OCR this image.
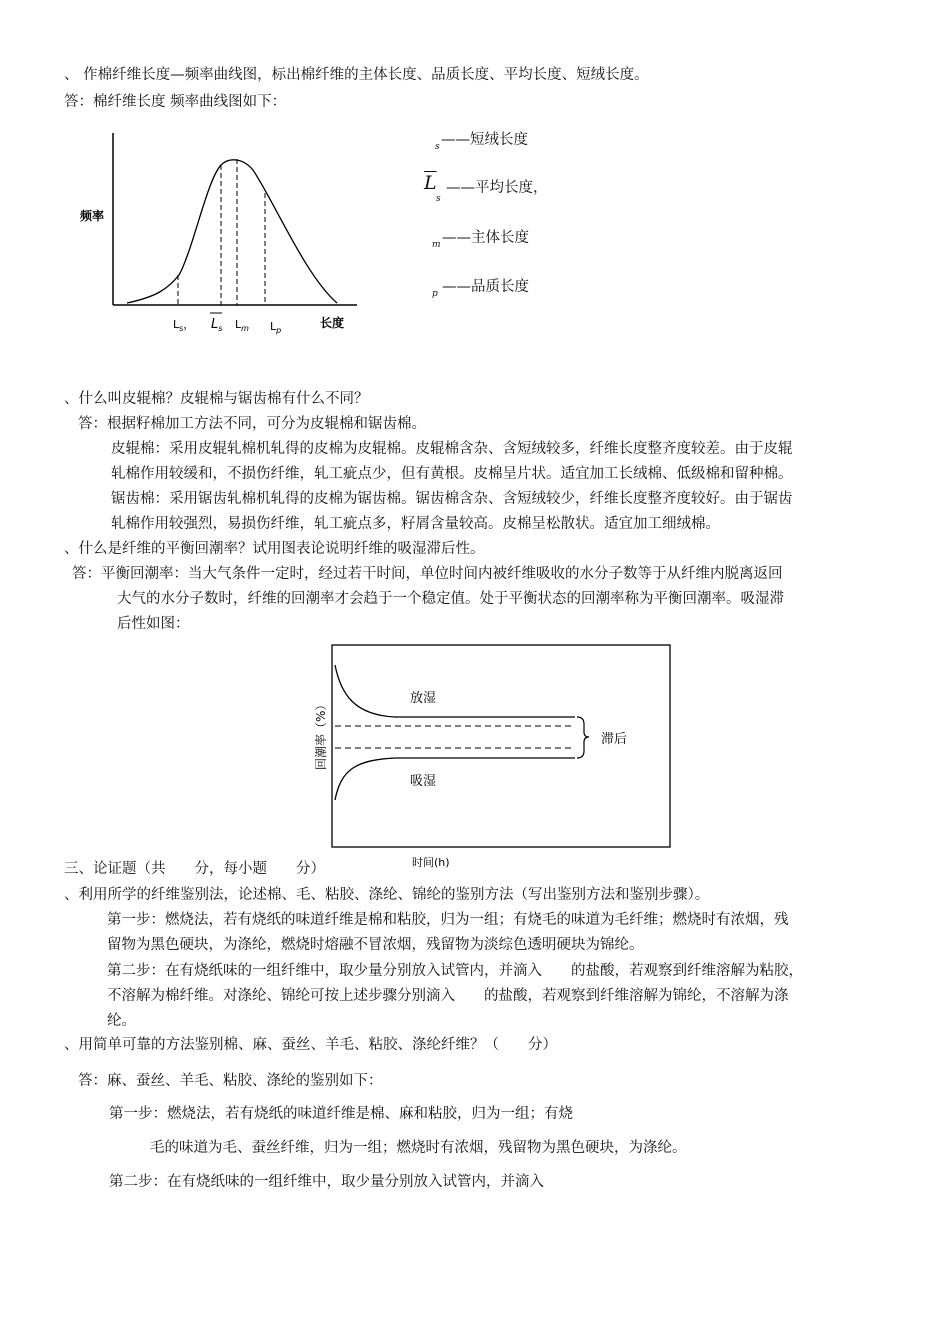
、 作棉纤维长度—频率曲线图，标出棉纤维的主体长度、品质长度、平均长度、短绒长度。
答：棉纤维长度 频率曲线图如下：
频率
长度
$L_s$， $L_s$ $L_m$ $L_p$
s ——短绒长度
$\overline{L}$
s
——平均长度，
m ——主体长度
p ——品质长度
、什么叫皮辊棉？皮辊棉与锯齿棉有什么不同？
答：根据籽棉加工方法不同，可分为皮辊棉和锯齿棉。
皮辊棉：采用皮辊轧棉机轧得的皮棉为皮辊棉。皮辊棉含杂、含短绒较多，纤维长度整齐度较差。由于皮辊
轧棉作用较缓和，不损伤纤维，轧工疵点少，但有黄根。皮棉呈片状。适宜加工长绒棉、低级棉和留种棉。
锯齿棉：采用锯齿轧棉机轧得的皮棉为锯齿棉。锯齿棉含杂、含短绒较少，纤维长度整齐度较好。由于锯齿
轧棉作用较强烈，易损伤纤维，轧工疵点多，籽屑含量较高。皮棉呈松散状。适宜加工细绒棉。
、什么是纤维的平衡回潮率？试用图表论说明纤维的吸湿滞后性。
答：平衡回潮率：当大气条件一定时，经过若干时间，单位时间内被纤维吸收的水分子数等于从纤维内脱离返回
大气的水分子数时，纤维的回潮率才会趋于一个稳定值。处于平衡状态的回潮率称为平衡回潮率。吸湿滞
后性如图：
放湿
吸湿
滞后
回潮率（%）
时间(h)
三、论证题（共　　分，每小题　　分）
、利用所学的纤维鉴别法，论述棉、毛、粘胶、涤纶、锦纶的鉴别方法（写出鉴别方法和鉴别步骤）。
第一步：燃烧法，若有烧纸的味道纤维是棉和粘胶，归为一组；有烧毛的味道为毛纤维；燃烧时有浓烟，残
留物为黑色硬块，为涤纶，燃烧时熔融不冒浓烟，残留物为淡综色透明硬块为锦纶。
第二步：在有烧纸味的一组纤维中，取少量分别放入试管内，并滴入　　的盐酸，若观察到纤维溶解为粘胶，
不溶解为棉纤维。对涤纶、锦纶可按上述步骤分别滴入　　的盐酸，若观察到纤维溶解为锦纶，不溶解为涤
纶。
、用简单可靠的方法鉴别棉、麻、蚕丝、羊毛、粘胶、涤纶纤维？（　　分）
答：麻、蚕丝、羊毛、粘胶、涤纶的鉴别如下：
第一步：燃烧法，若有烧纸的味道纤维是棉、麻和粘胶，归为一组；有烧
毛的味道为毛、蚕丝纤维，归为一组；燃烧时有浓烟，残留物为黑色硬块，为涤纶。
第二步：在有烧纸味的一组纤维中，取少量分别放入试管内，并滴入
